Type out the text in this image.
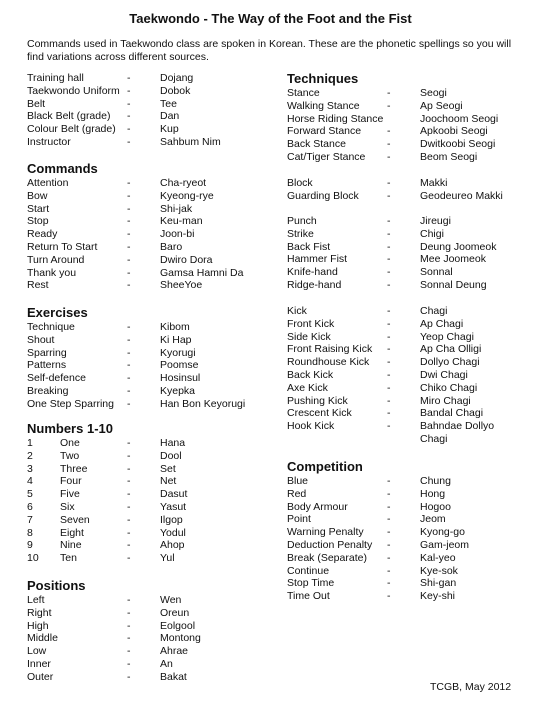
Taekwondo - The Way of the Foot and the Fist
Commands used in Taekwondo class are spoken in Korean. These are the phonetic spellings so you will find variations across different sources.
Training hall	-	Dojang
Taekwondo Uniform -	Dobok
Belt	-	Tee
Black Belt (grade) -	Dan
Colour Belt (grade) -	Kup
Instructor	-	Sahbum Nim
Commands
Attention	-	Cha-ryeot
Bow	-	Kyeong-rye
Start	-	Shi-jak
Stop	-	Keu-man
Ready	-	Joon-bi
Return To Start	-	Baro
Turn Around	-	Dwiro Dora
Thank you	-	Gamsa Hamni Da
Rest	-	SheeYoe
Exercises
Technique	-	Kibom
Shout	-	Ki Hap
Sparring	-	Kyorugi
Patterns	-	Poomse
Self-defence	-	Hosinsul
Breaking	-	Kyepka
One Step Sparring -	Han Bon Keyorugi
Numbers 1-10
1	One	-	Hana
2	Two	-	Dool
3	Three	-	Set
4	Four	-	Net
5	Five	-	Dasut
6	Six	-	Yasut
7	Seven	-	Ilgop
8	Eight	-	Yodul
9	Nine	-	Ahop
10 Ten	-	Yul
Positions
Left	-	Wen
Right	-	Oreun
High	-	Eolgool
Middle	-	Montong
Low	-	Ahrae
Inner	-	An
Outer	-	Bakat
Techniques
Stance	-	Seogi
Walking Stance	-	Ap Seogi
Horse Riding Stance	Joochoom Seogi
Forward Stance -	Apkoobi Seogi
Back Stance	-	Dwitkoobi Seogi
Cat/Tiger Stance -	Beom Seogi
Block	-	Makki
Guarding Block	-	Geodeureo Makki
Punch	-	Jireugi
Strike	-	Chigi
Back Fist	-	Deung Joomeok
Hammer Fist	-	Mee Joomeok
Knife-hand	-	Sonnal
Ridge-hand	-	Sonnal Deung
Kick	-	Chagi
Front Kick	-	Ap Chagi
Side Kick	-	Yeop Chagi
Front Raising Kick -	Ap Cha Olligi
Roundhouse Kick -	Dollyo Chagi
Back Kick	-	Dwi Chagi
Axe Kick	-	Chiko Chagi
Pushing Kick	-	Miro Chagi
Crescent Kick	-	Bandal Chagi
Hook Kick	-	Bahndae Dollyo
Chagi
Competition
Blue	-	Chung
Red	-	Hong
Body Armour	-	Hogoo
Point	-	Jeom
Warning Penalty -	Kyong-go
Deduction Penalty -	Gam-jeom
Break (Separate) -	Kal-yeo
Continue	-	Kye-sok
Stop Time	-	Shi-gan
Time Out	-	Key-shi
TCGB, May 2012
